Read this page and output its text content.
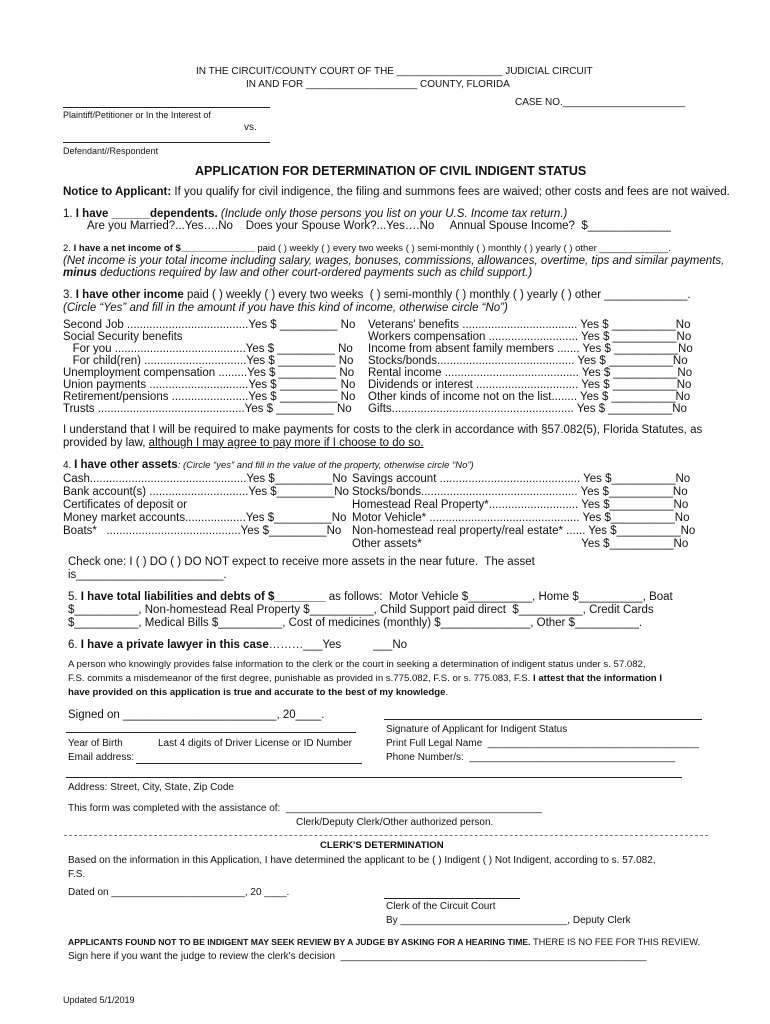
IN THE CIRCUIT/COUNTY COURT OF THE ___________________ JUDICIAL CIRCUIT
IN AND FOR ____________________ COUNTY, FLORIDA
CASE NO.______________________
Plaintiff/Petitioner or In the Interest of
vs.
Defendant//Respondent
APPLICATION FOR DETERMINATION OF CIVIL INDIGENT STATUS
Notice to Applicant: If you qualify for civil indigence, the filing and summons fees are waived; other costs and fees are not waived.
1. I have ______dependents. (Include only those persons you list on your U.S. Income tax return.)
Are you Married?...Yes….No    Does your Spouse Work?...Yes….No     Annual Spouse Income?  $_____________
2. I have a net income of $______________ paid ( ) weekly ( ) every two weeks ( ) semi-monthly ( ) monthly ( ) yearly ( ) other _____________.
(Net income is your total income including salary, wages, bonuses, commissions, allowances, overtime, tips and similar payments,
minus deductions required by law and other court-ordered payments such as child support.)
3. I have other income paid ( ) weekly ( ) every two weeks  ( ) semi-monthly ( ) monthly ( ) yearly ( ) other _____________.
(Circle “Yes” and fill in the amount if you have this kind of income, otherwise circle “No”)
Second Job ......................................Yes $ _________ No
Social Security benefits
For you .........................................Yes $ _________ No
For child(ren) ................................Yes $ _________ No
Unemployment compensation .........Yes $ _________ No
Union payments ...............................Yes $ _________ No
Retirement/pensions ........................Yes $ _________ No
Trusts ..............................................Yes $ _________ No
Veterans' benefits .................................... Yes $ __________No
Workers compensation ............................ Yes $ __________No
Income from absent family members ....... Yes $ __________No
Stocks/bonds........................................... Yes $ __________No
Rental income .......................................... Yes $ __________No
Dividends or interest ................................ Yes $ __________No
Other kinds of income not on the list........ Yes $ __________No
Gifts......................................................... Yes $ __________No
I understand that I will be required to make payments for costs to the clerk in accordance with §57.082(5), Florida Statutes, as
provided by law, although I may agree to pay more if I choose to do so.
4. I have other assets: (Circle “yes” and fill in the value of the property, otherwise circle “No”)
Cash.................................................Yes $_________No
Bank account(s) ...............................Yes $_________No
Certificates of deposit or
Money market accounts...................Yes $_________No
Boats*   ..........................................Yes $_________No
Savings account ............................................ Yes $__________No
Stocks/bonds................................................. Yes $__________No
Homestead Real Property*............................ Yes $__________No
Motor Vehicle* ............................................... Yes $__________No
Non-homestead real property/real estate* ...... Yes $__________No
Other assets*                                                  Yes $__________No
Check one: I ( ) DO ( ) DO NOT expect to receive more assets in the near future.  The asset
is_______________________.
5. I have total liabilities and debts of $________ as follows:  Motor Vehicle $__________, Home $__________, Boat
$__________, Non-homestead Real Property $__________, Child Support paid direct  $__________, Credit Cards
$__________, Medical Bills $__________, Cost of medicines (monthly) $______________, Other $__________.
6. I have a private lawyer in this case………___Yes          ___No
A person who knowingly provides false information to the clerk or the court in seeking a determination of indigent status under s. 57.082,
F.S. commits a misdemeanor of the first degree, punishable as provided in s.775.082, F.S. or s. 775.083, F.S. I attest that the information I
have provided on this application is true and accurate to the best of my knowledge.
Signed on ________________________, 20____.
Signature of Applicant for Indigent Status
Year of Birth	Last 4 digits of Driver License or ID Number	Print Full Legal Name  ______________________________________
Email address:	Phone Number/s:  _____________________________________
Address: Street, City, State, Zip Code
This form was completed with the assistance of:  ______________________________________________
Clerk/Deputy Clerk/Other authorized person.
CLERK'S DETERMINATION
Based on the information in this Application, I have determined the applicant to be ( ) Indigent ( ) Not Indigent, according to s. 57.082,
F.S.
Dated on ________________________, 20 ____.
Clerk of the Circuit Court
By ______________________________, Deputy Clerk
APPLICANTS FOUND NOT TO BE INDIGENT MAY SEEK REVIEW BY A JUDGE BY ASKING FOR A HEARING TIME. THERE IS NO FEE FOR THIS REVIEW.
Sign here if you want the judge to review the clerk's decision  _______________________________________________________
Updated 5/1/2019
